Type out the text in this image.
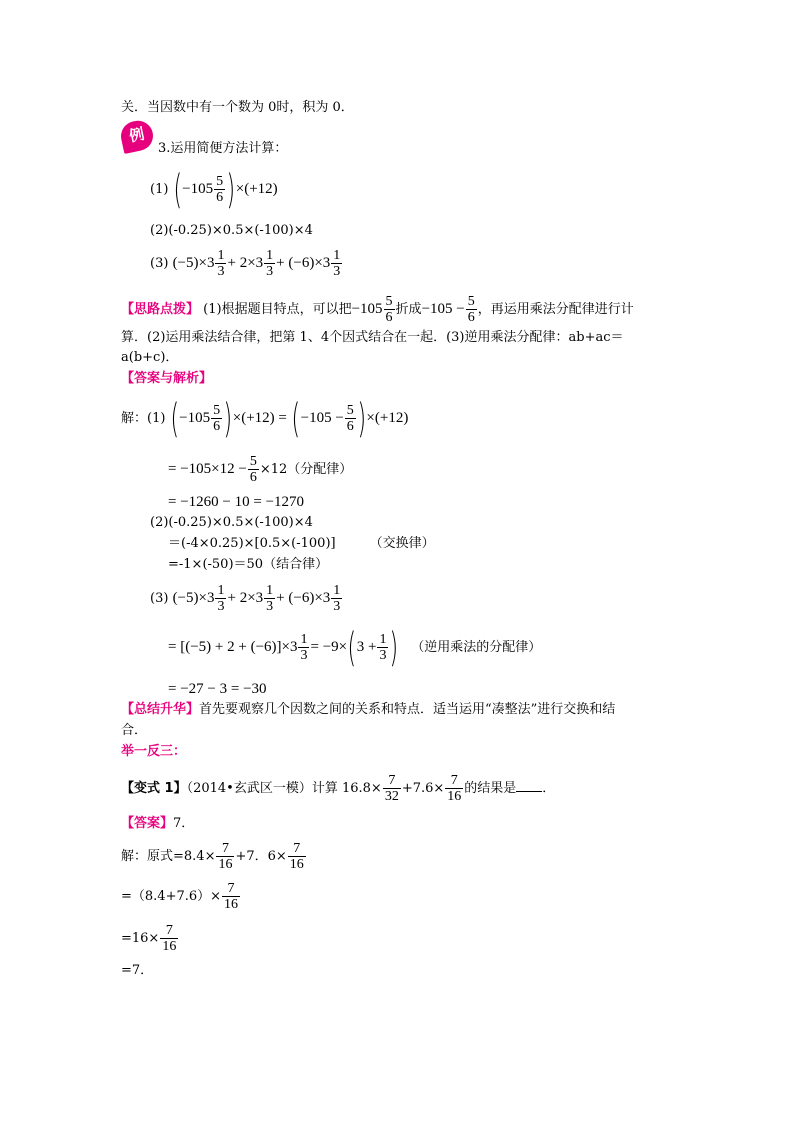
关．当因数中有一个数为 0时，积为 0．
例
3.运用简便方法计算：
(1) $(-105 \frac{5}{6} )\times(+12)$
(2)(-0.25)×0.5×(-100)×4
(3) $(-5)\times 3 \frac{1}{3} + 2\times 3 \frac{1}{3} + (-6)\times 3 \frac{1}{3}$
【思路点拨】 (1)根据题目特点，可以把$-105 \frac{5}{6}$ 折成$-105 - \frac{5}{6}$ ，再运用乘法分配律进行计
算．(2)运用乘法结合律，把第 1、4个因式结合在一起．(3)逆用乘法分配律：ab+ac＝
a(b+c)．
【答案与解析】
解：(1) $(-105 \frac{5}{6} )\times(+12) = (-105 - \frac{5}{6} )\times(+12)$
= $-105\times 12 - \frac{5}{6} \times 12$（分配律）
= −1260 − 10 = −1270
(2)(-0.25)×0.5×(-100)×4
＝(-4×0.25)×[0.5×(-100)]	（交换律）
=-1×(-50)＝50（结合律）
(3) $(-5)\times 3 \frac{1}{3} + 2\times 3 \frac{1}{3} + (-6)\times 3 \frac{1}{3}$
= $[(-5) + 2 + (-6)]\times 3 \frac{1}{3} = -9\times(3 + \frac{1}{3}$ ) （逆用乘法的分配律）
= −27 − 3 = −30
【总结升华】首先要观察几个因数之间的关系和特点．适当运用“凑整法”进行交换和结
合．
举一反三：
【变式 1】（2014•玄武区一模）计算 $16.8\times \frac{7}{32} +7.6\times \frac{7}{16}$ 的结果是 ．
【答案】7．
解：原式$=8.4\times \frac{7}{16} +7$．$6\times \frac{7}{16}$
$=(8.4+7.6)\times \frac{7}{16}$
$=16\times \frac{7}{16}$
=7．
